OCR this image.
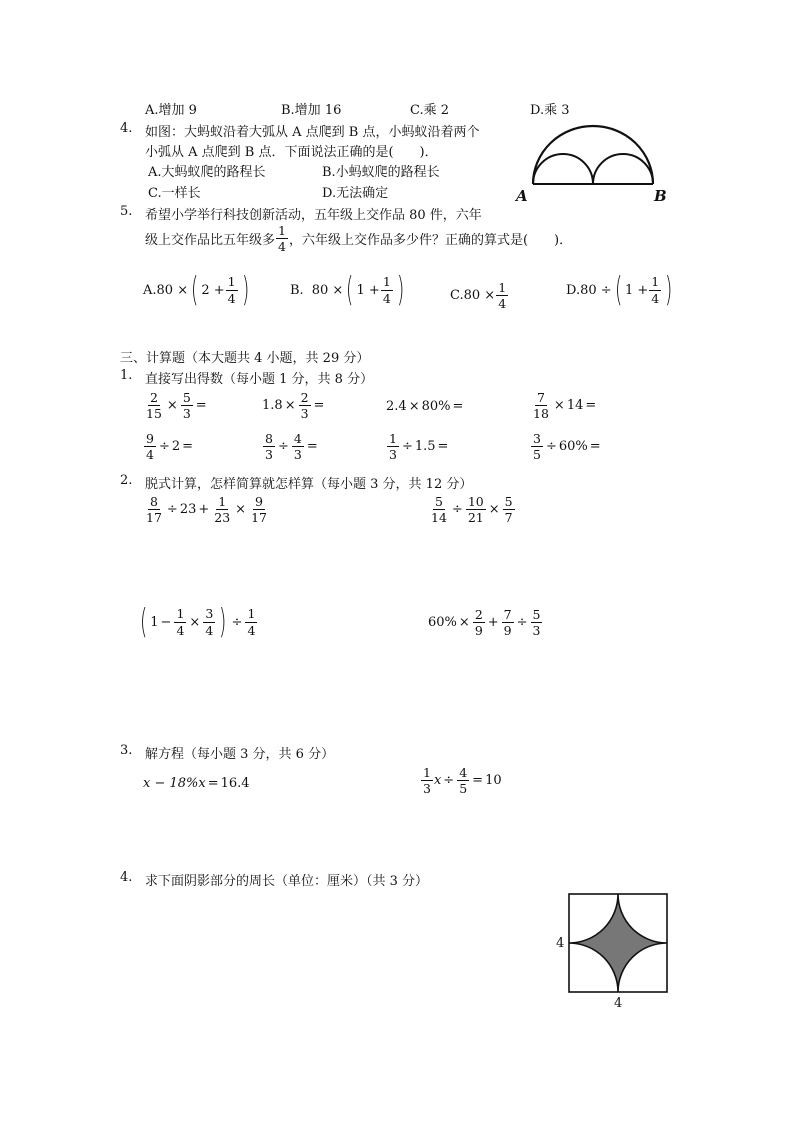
A.增加 9	B.增加 16	C.乘 2	D.乘 3
4. 如图：大蚂蚁沿着大弧从 A 点爬到 B 点，小蚂蚁沿着两个
小弧从 A 点爬到 B 点．下面说法正确的是(　　)．
A.大蚂蚁爬的路程长	B.小蚂蚁爬的路程长
C.一样长	D.无法确定	A	B
5. 希望小学举行科技创新活动，五年级上交作品 80 件，六年
级上交作品比五年级多 $\frac{1}{4}$ ，六年级上交作品多少件？正确的算式是(　　)．
A. 80 × ( $2 + \frac{1}{4}$ )	B. 80 × ( $1 + \frac{1}{4}$ )	C. $80 \times \frac{1}{4}$	D. 80 ÷ ( $1 + \frac{1}{4}$ )
三、计算题（本大题共 4 小题，共 29 分）
1. 直接写出得数（每小题 1 分，共 8 分）
$\frac{2}{15} \times \frac{5}{3}$ =	$1.8 \times \frac{2}{3}$ =	2.4 × 80% =	$\frac{7}{18} \times 14$ =
$\frac{9}{4} \div 2$ =	$\frac{8}{3} \div \frac{4}{3}$ =	$\frac{1}{3} \div 1.5$ =	$\frac{3}{5} \div 60\%$ =
2. 脱式计算，怎样简算就怎样算（每小题 3 分，共 12 分）
$\frac{8}{17} \div 23 + \frac{1}{23} \times \frac{9}{17}$	$\frac{5}{14} \div \frac{10}{21} \times \frac{5}{7}$
( $1 - \frac{1}{4} \times \frac{3}{4}$ ) ÷ $\frac{1}{4}$	$60\% \times \frac{2}{9} + \frac{7}{9} \div \frac{5}{3}$
3. 解方程（每小题 3 分，共 6 分）
x − 18%x = 16.4	$\frac{1}{3}$ $x \div \frac{4}{5} = 10$
4. 求下面阴影部分的周长（单位：厘米）（共 3 分）
4
4
